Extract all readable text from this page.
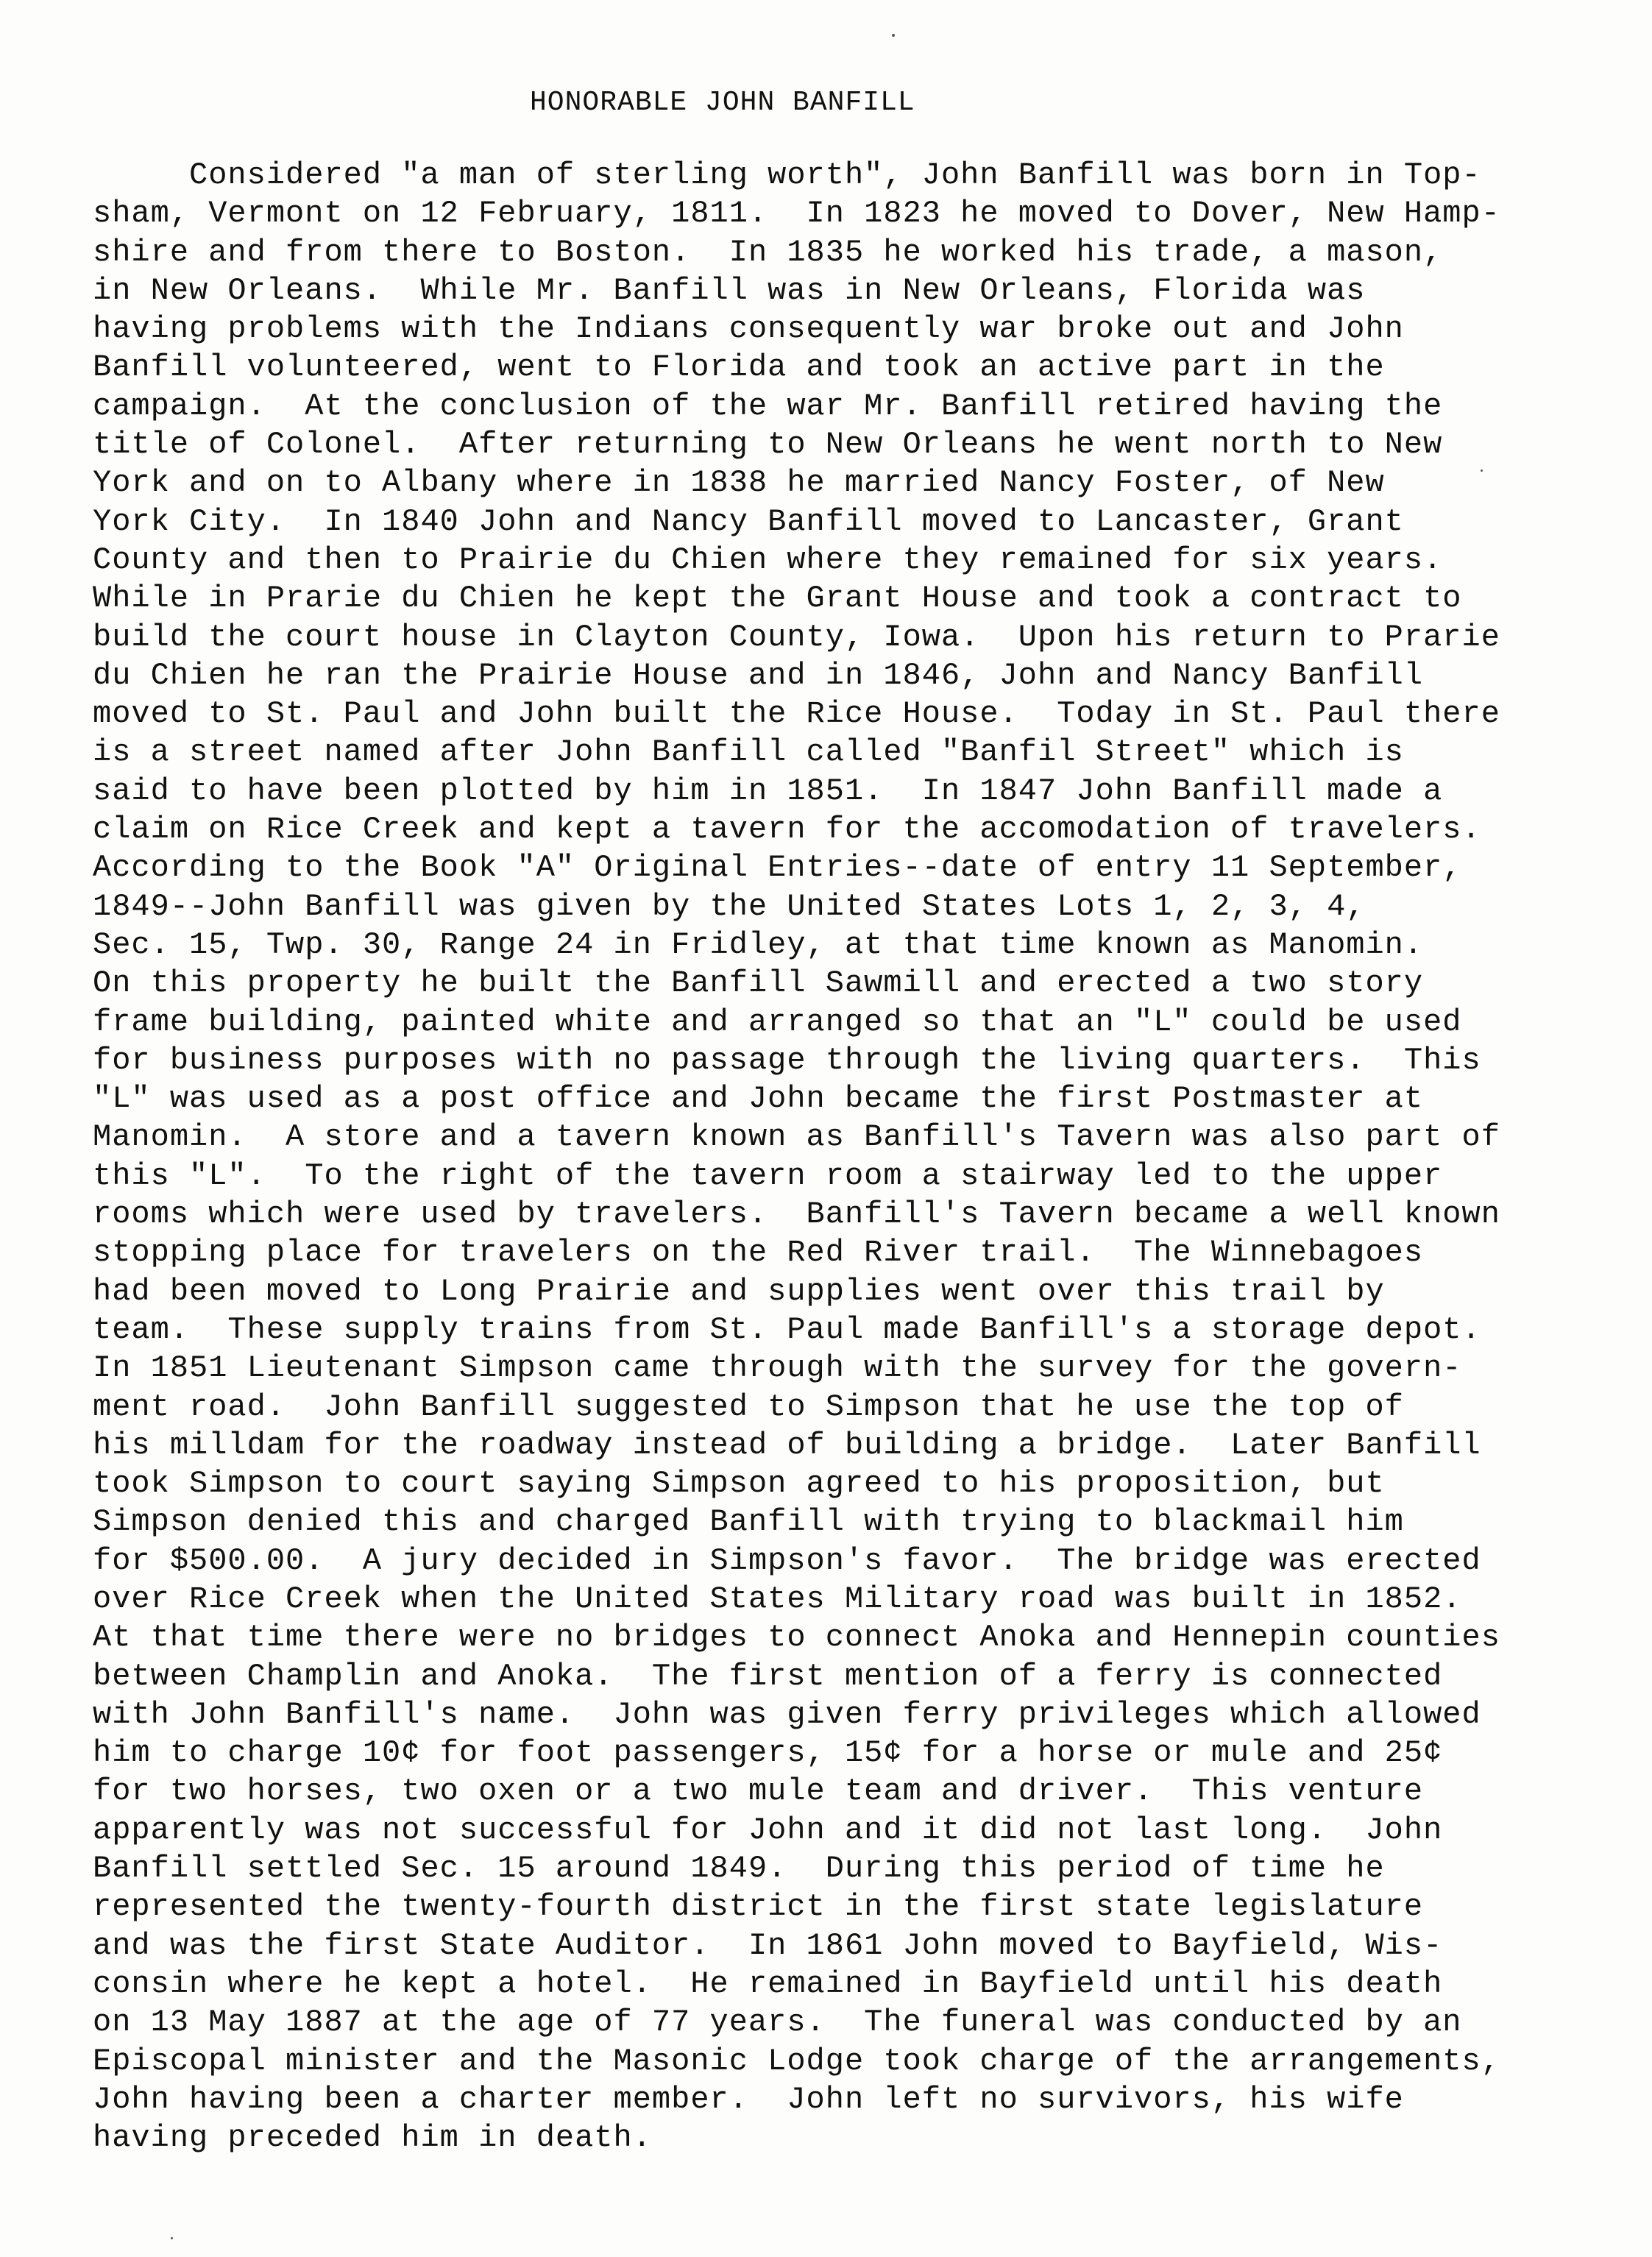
HONORABLE JOHN BANFILL
Considered "a man of sterling worth", John Banfill was born in Top-
sham, Vermont on 12 February, 1811.  In 1823 he moved to Dover, New Hamp-
shire and from there to Boston.  In 1835 he worked his trade, a mason,
in New Orleans.  While Mr. Banfill was in New Orleans, Florida was
having problems with the Indians consequently war broke out and John
Banfill volunteered, went to Florida and took an active part in the
campaign.  At the conclusion of the war Mr. Banfill retired having the
title of Colonel.  After returning to New Orleans he went north to New
York and on to Albany where in 1838 he married Nancy Foster, of New
York City.  In 1840 John and Nancy Banfill moved to Lancaster, Grant
County and then to Prairie du Chien where they remained for six years.
While in Prarie du Chien he kept the Grant House and took a contract to
build the court house in Clayton County, Iowa.  Upon his return to Prarie
du Chien he ran the Prairie House and in 1846, John and Nancy Banfill
moved to St. Paul and John built the Rice House.  Today in St. Paul there
is a street named after John Banfill called "Banfil Street" which is
said to have been plotted by him in 1851.  In 1847 John Banfill made a
claim on Rice Creek and kept a tavern for the accomodation of travelers.
According to the Book "A" Original Entries--date of entry 11 September,
1849--John Banfill was given by the United States Lots 1, 2, 3, 4,
Sec. 15, Twp. 30, Range 24 in Fridley, at that time known as Manomin.
On this property he built the Banfill Sawmill and erected a two story
frame building, painted white and arranged so that an "L" could be used
for business purposes with no passage through the living quarters.  This
"L" was used as a post office and John became the first Postmaster at
Manomin.  A store and a tavern known as Banfill's Tavern was also part of
this "L".  To the right of the tavern room a stairway led to the upper
rooms which were used by travelers.  Banfill's Tavern became a well known
stopping place for travelers on the Red River trail.  The Winnebagoes
had been moved to Long Prairie and supplies went over this trail by
team.  These supply trains from St. Paul made Banfill's a storage depot.
In 1851 Lieutenant Simpson came through with the survey for the govern-
ment road.  John Banfill suggested to Simpson that he use the top of
his milldam for the roadway instead of building a bridge.  Later Banfill
took Simpson to court saying Simpson agreed to his proposition, but
Simpson denied this and charged Banfill with trying to blackmail him
for $500.00.  A jury decided in Simpson's favor.  The bridge was erected
over Rice Creek when the United States Military road was built in 1852.
At that time there were no bridges to connect Anoka and Hennepin counties
between Champlin and Anoka.  The first mention of a ferry is connected
with John Banfill's name.  John was given ferry privileges which allowed
him to charge 10¢ for foot passengers, 15¢ for a horse or mule and 25¢
for two horses, two oxen or a two mule team and driver.  This venture
apparently was not successful for John and it did not last long.  John
Banfill settled Sec. 15 around 1849.  During this period of time he
represented the twenty-fourth district in the first state legislature
and was the first State Auditor.  In 1861 John moved to Bayfield, Wis-
consin where he kept a hotel.  He remained in Bayfield until his death
on 13 May 1887 at the age of 77 years.  The funeral was conducted by an
Episcopal minister and the Masonic Lodge took charge of the arrangements,
John having been a charter member.  John left no survivors, his wife
having preceded him in death.
